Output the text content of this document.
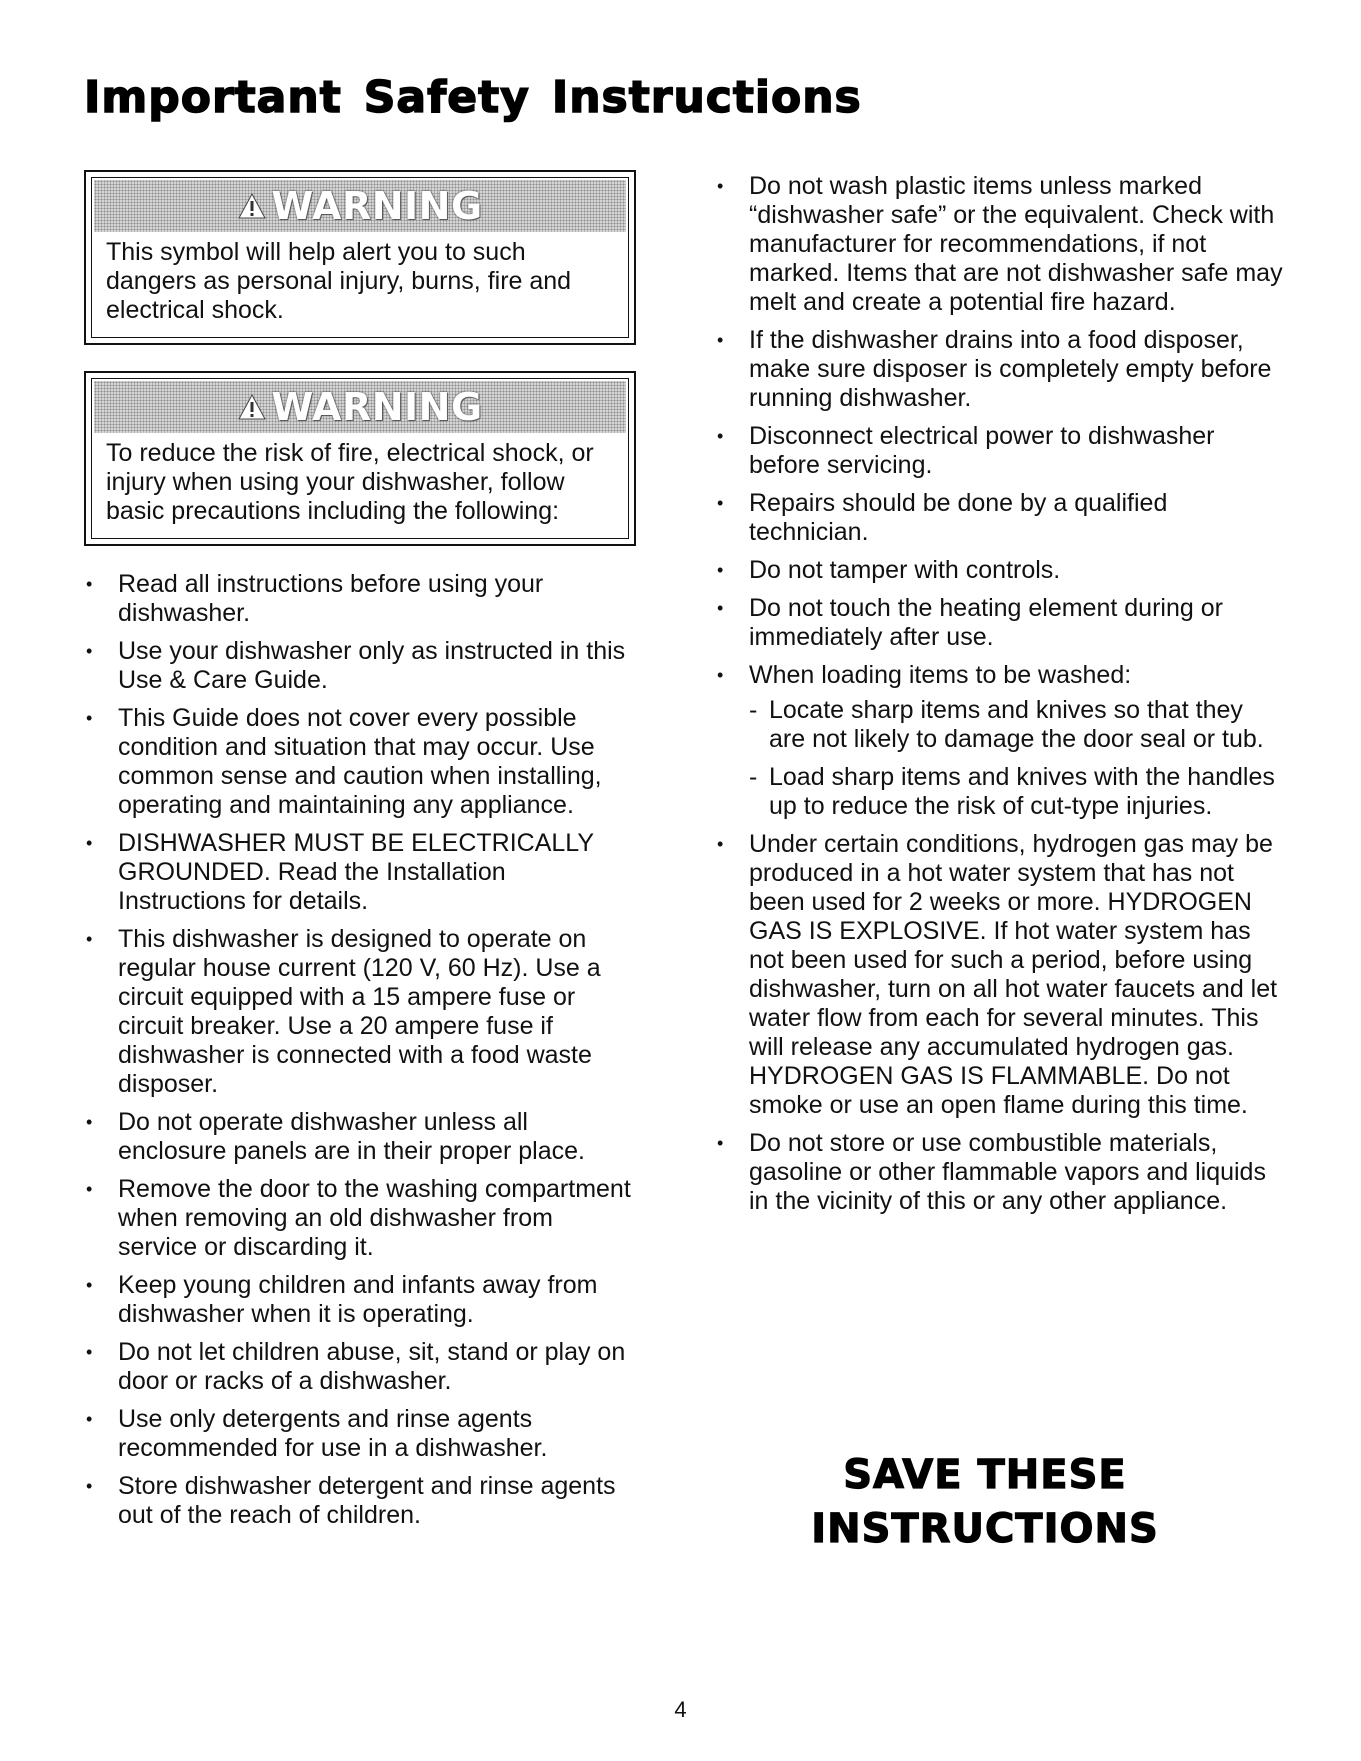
Important Safety Instructions
WARNING

This symbol will help alert you to such dangers as personal injury, burns, fire and electrical shock.

WARNING

To reduce the risk of fire, electrical shock, or injury when using your dishwasher, follow basic precautions including the following:

• Read all instructions before using your dishwasher.
• Use your dishwasher only as instructed in this Use & Care Guide.
• This Guide does not cover every possible condition and situation that may occur. Use common sense and caution when installing, operating and maintaining any appliance.
• DISHWASHER MUST BE ELECTRICALLY GROUNDED. Read the Installation Instructions for details.
• This dishwasher is designed to operate on regular house current (120 V, 60 Hz). Use a circuit equipped with a 15 ampere fuse or circuit breaker. Use a 20 ampere fuse if dishwasher is connected with a food waste disposer.
• Do not operate dishwasher unless all enclosure panels are in their proper place.
• Remove the door to the washing compartment when removing an old dishwasher from service or discarding it.
• Keep young children and infants away from dishwasher when it is operating.
• Do not let children abuse, sit, stand or play on door or racks of a dishwasher.
• Use only detergents and rinse agents recommended for use in a dishwasher.
• Store dishwasher detergent and rinse agents out of the reach of children.
• Do not wash plastic items unless marked “dishwasher safe” or the equivalent. Check with manufacturer for recommendations, if not marked. Items that are not dishwasher safe may melt and create a potential fire hazard.
• If the dishwasher drains into a food disposer, make sure disposer is completely empty before running dishwasher.
• Disconnect electrical power to dishwasher before servicing.
• Repairs should be done by a qualified technician.
• Do not tamper with controls.
• Do not touch the heating element during or immediately after use.
• When loading items to be washed:
- Locate sharp items and knives so that they are not likely to damage the door seal or tub.
- Load sharp items and knives with the handles up to reduce the risk of cut-type injuries.
• Under certain conditions, hydrogen gas may be produced in a hot water system that has not been used for 2 weeks or more. HYDROGEN GAS IS EXPLOSIVE. If hot water system has not been used for such a period, before using dishwasher, turn on all hot water faucets and let water flow from each for several minutes. This will release any accumulated hydrogen gas. HYDROGEN GAS IS FLAMMABLE. Do not smoke or use an open flame during this time.
• Do not store or use combustible materials, gasoline or other flammable vapors and liquids in the vicinity of this or any other appliance.
SAVE THESE
INSTRUCTIONS
4
